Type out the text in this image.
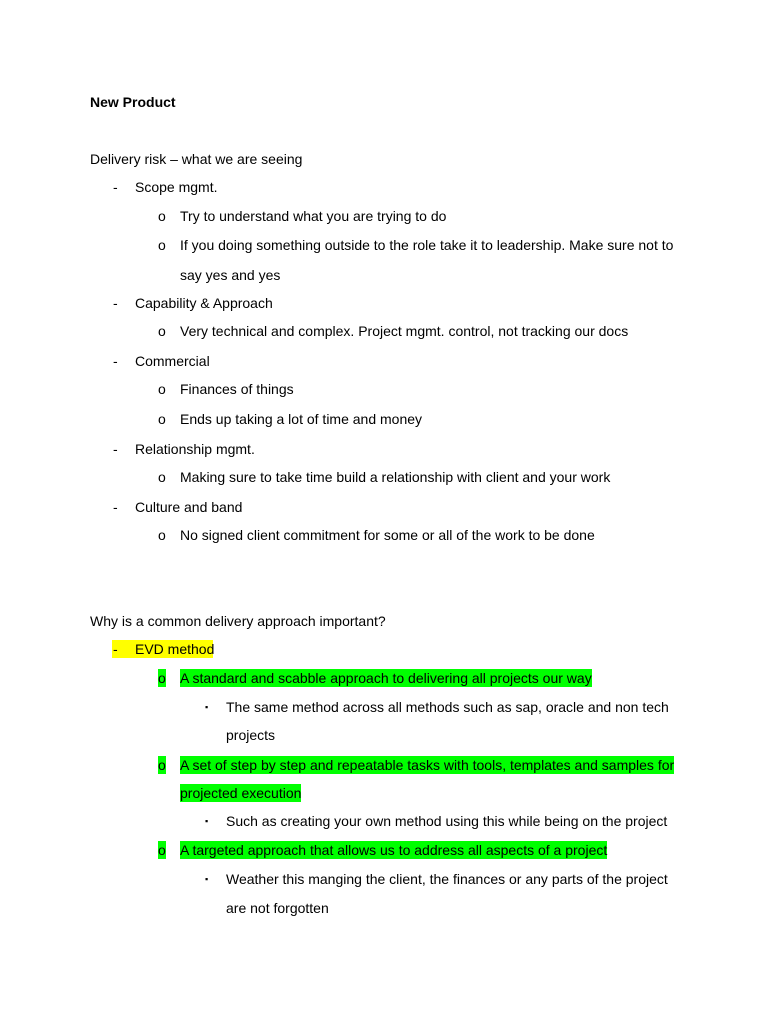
New Product
Delivery risk – what we are seeing
-	Scope mgmt.
o Try to understand what you are trying to do
o If you doing something outside to the role take it to leadership. Make sure not to
say yes and yes
-	Capability & Approach
o Very technical and complex. Project mgmt. control, not tracking our docs
-	Commercial
o Finances of things
o Ends up taking a lot of time and money
-	Relationship mgmt.
o Making sure to take time build a relationship with client and your work
-	Culture and band
o No signed client commitment for some or all of the work to be done
Why is a common delivery approach important?
-	EVD method
o A standard and scabble approach to delivering all projects our way
▪ The same method across all methods such as sap, oracle and non tech
projects
o A set of step by step and repeatable tasks with tools, templates and samples for
projected execution
▪ Such as creating your own method using this while being on the project
o A targeted approach that allows us to address all aspects of a project
▪ Weather this manging the client, the finances or any parts of the project
are not forgotten
